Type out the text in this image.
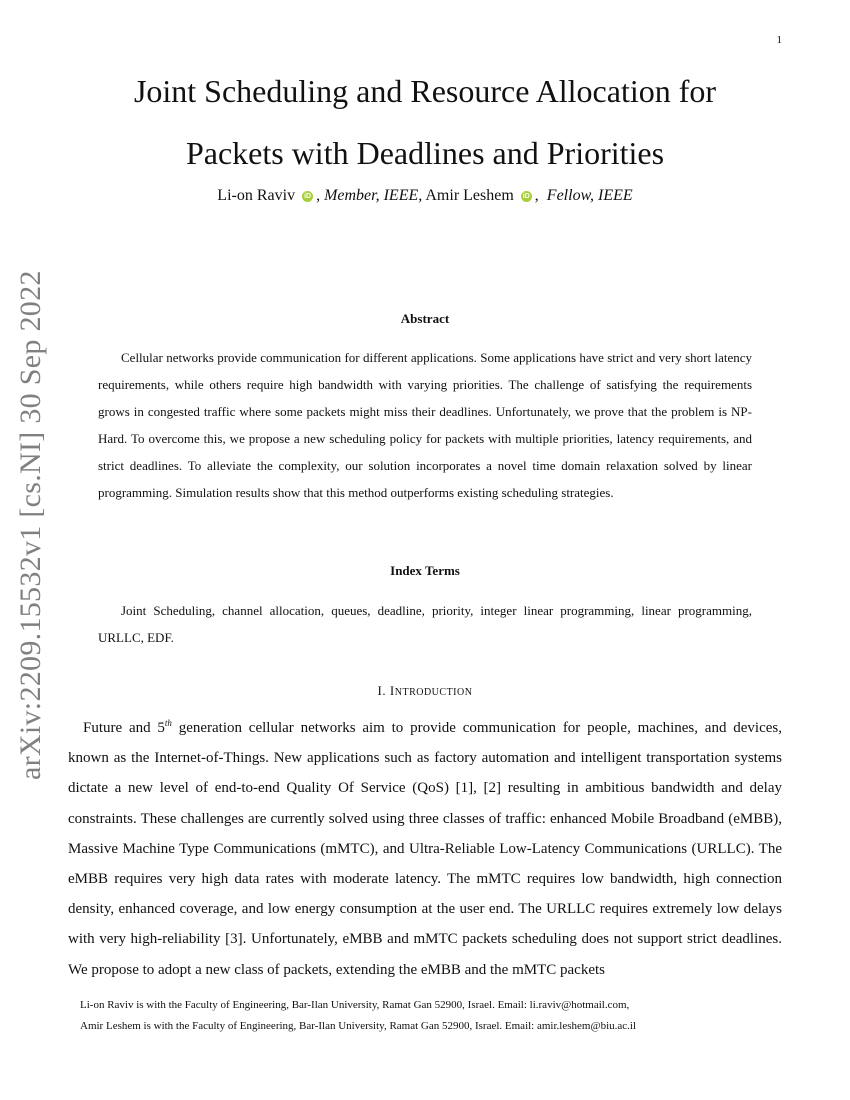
1
arXiv:2209.15532v1 [cs.NI] 30 Sep 2022
Joint Scheduling and Resource Allocation for
Packets with Deadlines and Priorities
Li-on Raviv iD , Member, IEEE, Amir Leshem iD ,  Fellow, IEEE
Abstract

Cellular networks provide communication for different applications. Some applications have strict and very short latency requirements, while others require high bandwidth with varying priorities. The challenge of satisfying the requirements grows in congested traffic where some packets might miss their deadlines. Unfortunately, we prove that the problem is NP-Hard. To overcome this, we propose a new scheduling policy for packets with multiple priorities, latency requirements, and strict deadlines. To alleviate the complexity, our solution incorporates a novel time domain relaxation solved by linear programming. Simulation results show that this method outperforms existing scheduling strategies.

Index Terms

Joint Scheduling, channel allocation, queues, deadline, priority, integer linear programming, linear programming, URLLC, EDF.

I. INTRODUCTION

Future and 5th generation cellular networks aim to provide communication for people, machines, and devices, known as the Internet-of-Things. New applications such as factory automation and intelligent transportation systems dictate a new level of end-to-end Quality Of Service (QoS) [1], [2] resulting in ambitious bandwidth and delay constraints. These challenges are currently solved using three classes of traffic: enhanced Mobile Broadband (eMBB), Massive Machine Type Communications (mMTC), and Ultra-Reliable Low-Latency Communications (URLLC). The eMBB requires very high data rates with moderate latency. The mMTC requires low bandwidth, high connection density, enhanced coverage, and low energy consumption at the user end. The URLLC requires extremely low delays with very high-reliability [3]. Unfortunately, eMBB and mMTC packets scheduling does not support strict deadlines. We propose to adopt a new class of packets, extending the eMBB and the mMTC packets

Li-on Raviv is with the Faculty of Engineering, Bar-Ilan University, Ramat Gan 52900, Israel. Email: li.raviv@hotmail.com,
Amir Leshem is with the Faculty of Engineering, Bar-Ilan University, Ramat Gan 52900, Israel. Email: amir.leshem@biu.ac.il
